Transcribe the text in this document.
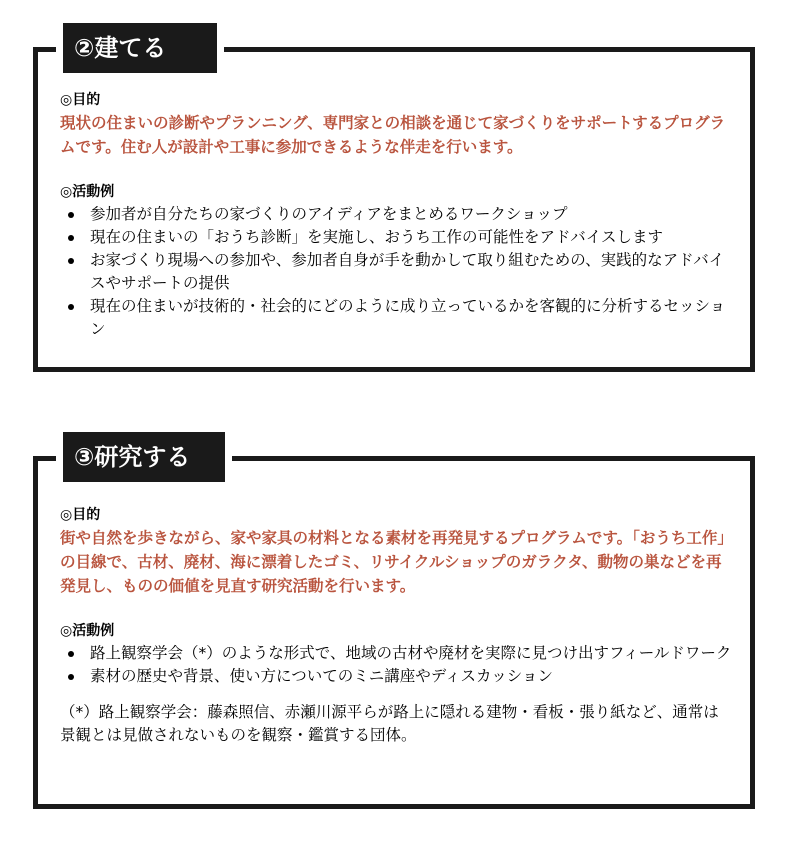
②建てる
◎目的
現状の住まいの診断やプランニング、専門家との相談を通じて家づくりをサポートするプログラムです。住む人が設計や工事に参加できるような伴走を行います。
◎活動例
参加者が自分たちの家づくりのアイディアをまとめるワークショップ
現在の住まいの「おうち診断」を実施し、おうち工作の可能性をアドバイスします
お家づくり現場への参加や、参加者自身が手を動かして取り組むための、実践的なアドバイスやサポートの提供
現在の住まいが技術的・社会的にどのように成り立っているかを客観的に分析するセッション
③研究する
◎目的
街や自然を歩きながら、家や家具の材料となる素材を再発見するプログラムです。「おうち工作」の目線で、古材、廃材、海に漂着したゴミ、リサイクルショップのガラクタ、動物の巣などを再発見し、ものの価値を見直す研究活動を行います。
◎活動例
路上観察学会（*）のような形式で、地域の古材や廃材を実際に見つけ出すフィールドワーク
素材の歴史や背景、使い方についてのミニ講座やディスカッション
（*）路上観察学会：藤森照信、赤瀬川源平らが路上に隠れる建物・看板・張り紙など、通常は景観とは見做されないものを観察・鑑賞する団体。
